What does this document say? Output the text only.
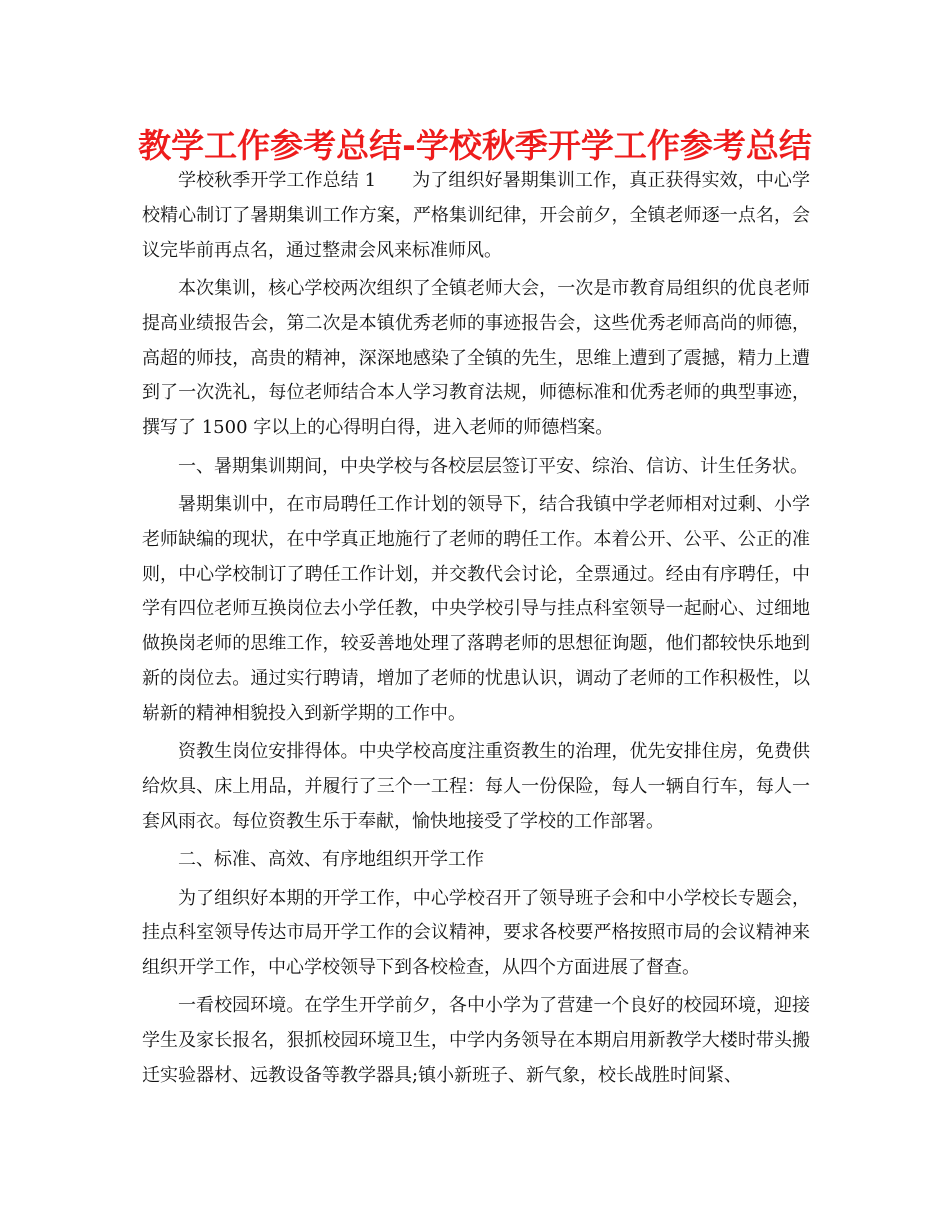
教学工作参考总结-学校秋季开学工作参考总结

学校秋季开学工作总结 1 为了组织好暑期集训工作，真正获得实效，中心学校精心制订了暑期集训工作方案，严格集训纪律，开会前夕，全镇老师逐一点名，会议完毕前再点名，通过整肃会风来标准师风。

本次集训，核心学校两次组织了全镇老师大会，一次是市教育局组织的优良老师提高业绩报告会，第二次是本镇优秀老师的事迹报告会，这些优秀老师高尚的师德，高超的师技，高贵的精神，深深地感染了全镇的先生，思维上遭到了震撼，精力上遭到了一次洗礼，每位老师结合本人学习教育法规，师德标准和优秀老师的典型事迹，撰写了 1500 字以上的心得明白得，进入老师的师德档案。

一、暑期集训期间，中央学校与各校层层签订平安、综治、信访、计生任务状。

暑期集训中，在市局聘任工作计划的领导下，结合我镇中学老师相对过剩、小学老师缺编的现状，在中学真正地施行了老师的聘任工作。本着公开、公平、公正的准则，中心学校制订了聘任工作计划，并交教代会讨论，全票通过。经由有序聘任，中学有四位老师互换岗位去小学任教，中央学校引导与挂点科室领导一起耐心、过细地做换岗老师的思维工作，较妥善地处理了落聘老师的思想征询题，他们都较快乐地到新的岗位去。通过实行聘请，增加了老师的忧患认识，调动了老师的工作积极性，以崭新的精神相貌投入到新学期的工作中。

资教生岗位安排得体。中央学校高度注重资教生的治理，优先安排住房，免费供给炊具、床上用品，并履行了三个一工程：每人一份保险，每人一辆自行车，每人一套风雨衣。每位资教生乐于奉献，愉快地接受了学校的工作部署。

二、标准、高效、有序地组织开学工作

为了组织好本期的开学工作，中心学校召开了领导班子会和中小学校长专题会，挂点科室领导传达市局开学工作的会议精神，要求各校要严格按照市局的会议精神来组织开学工作，中心学校领导下到各校检查，从四个方面进展了督查。

一看校园环境。在学生开学前夕，各中小学为了营建一个良好的校园环境，迎接学生及家长报名，狠抓校园环境卫生，中学内务领导在本期启用新教学大楼时带头搬迁实验器材、远教设备等教学器具;镇小新班子、新气象，校长战胜时间紧、
